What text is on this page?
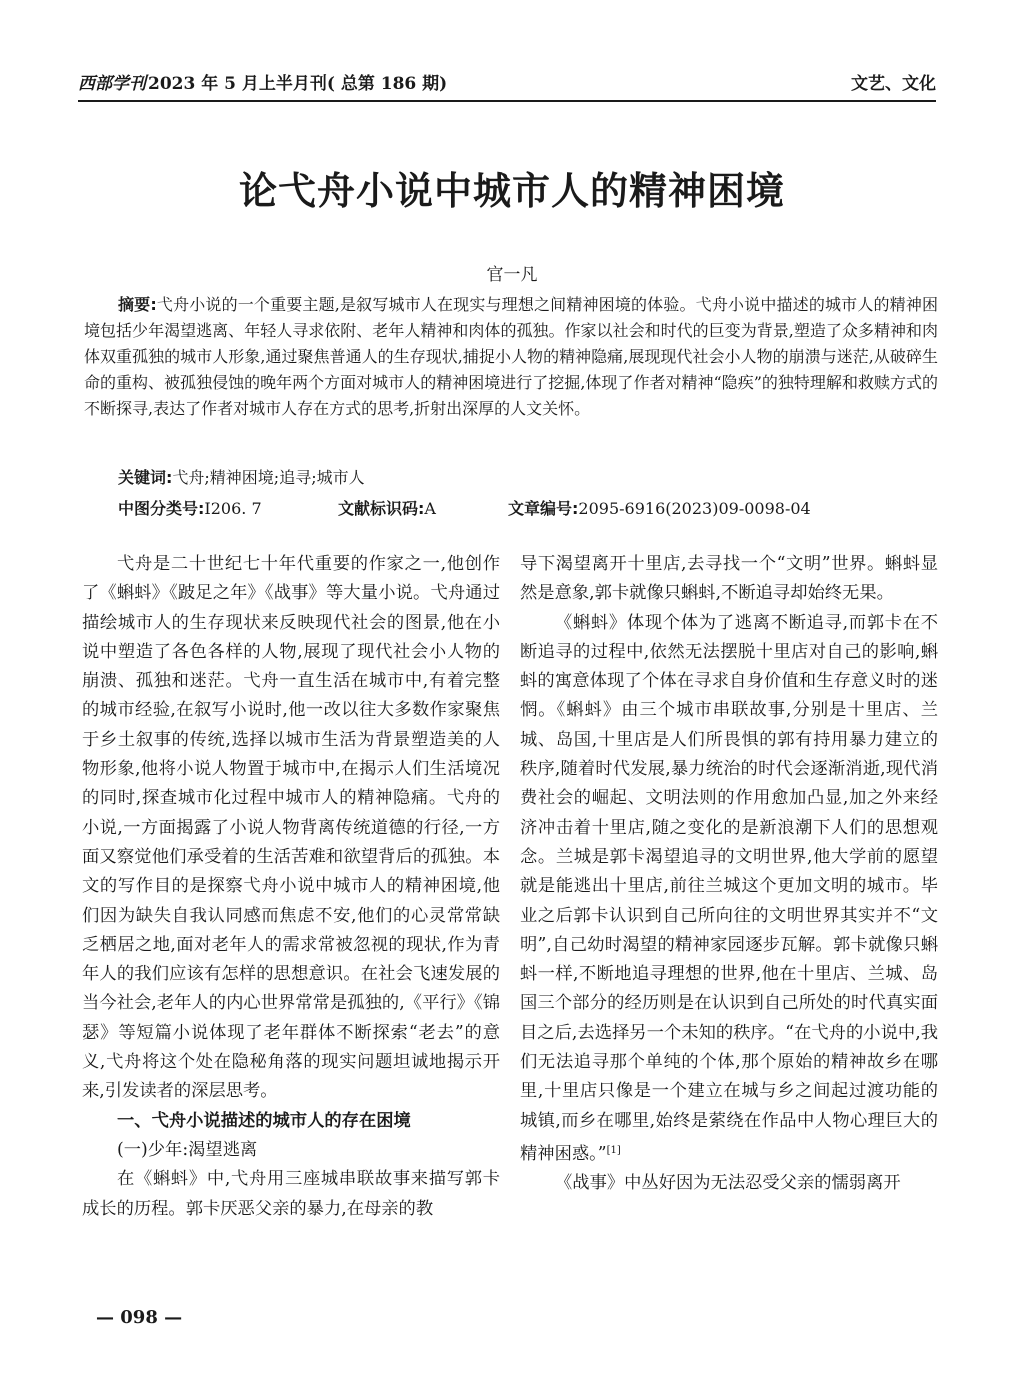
西部学刊 2023 年 5 月上半月刊( 总第 186 期)	文艺、文化
论弋舟小说中城市人的精神困境
官一凡
摘要:弋舟小说的一个重要主题,是叙写城市人在现实与理想之间精神困境的体验。弋舟小说中描述的城市人的精神困境包括少年渴望逃离、年轻人寻求依附、老年人精神和肉体的孤独。作家以社会和时代的巨变为背景,塑造了众多精神和肉体双重孤独的城市人形象,通过聚焦普通人的生存现状,捕捉小人物的精神隐痛,展现现代社会小人物的崩溃与迷茫,从破碎生命的重构、被孤独侵蚀的晚年两个方面对城市人的精神困境进行了挖掘,体现了作者对精神“隐疾”的独特理解和救赎方式的不断探寻,表达了作者对城市人存在方式的思考,折射出深厚的人文关怀。
关键词:弋舟;精神困境;追寻;城市人
中图分类号:I206. 7	文献标识码:A	文章编号:2095-6916(2023)09-0098-04

弋舟是二十世纪七十年代重要的作家之一,他创作了《蝌蚪》《跛足之年》《战事》等大量小说。弋舟通过描绘城市人的生存现状来反映现代社会的图景,他在小说中塑造了各色各样的人物,展现了现代社会小人物的崩溃、孤独和迷茫。弋舟一直生活在城市中,有着完整的城市经验,在叙写小说时,他一改以往大多数作家聚焦于乡土叙事的传统,选择以城市生活为背景塑造美的人物形象,他将小说人物置于城市中,在揭示人们生活境况的同时,探查城市化过程中城市人的精神隐痛。弋舟的小说,一方面揭露了小说人物背离传统道德的行径,一方面又察觉他们承受着的生活苦难和欲望背后的孤独。本文的写作目的是探察弋舟小说中城市人的精神困境,他们因为缺失自我认同感而焦虑不安,他们的心灵常常缺乏栖居之地,面对老年人的需求常被忽视的现状,作为青年人的我们应该有怎样的思想意识。在社会飞速发展的当今社会,老年人的内心世界常常是孤独的,《平行》《锦瑟》等短篇小说体现了老年群体不断探索“老去”的意义,弋舟将这个处在隐秘角落的现实问题坦诚地揭示开来,引发读者的深层思考。

一、弋舟小说描述的城市人的存在困境
(一)少年:渴望逃离

在《蝌蚪》中,弋舟用三座城串联故事来描写郭卡成长的历程。郭卡厌恶父亲的暴力,在母亲的教

导下渴望离开十里店,去寻找一个“文明”世界。蝌蚪显然是意象,郭卡就像只蝌蚪,不断追寻却始终无果。

《蝌蚪》体现个体为了逃离不断追寻,而郭卡在不断追寻的过程中,依然无法摆脱十里店对自己的影响,蝌蚪的寓意体现了个体在寻求自身价值和生存意义时的迷惘。《蝌蚪》由三个城市串联故事,分别是十里店、兰城、岛国,十里店是人们所畏惧的郭有持用暴力建立的秩序,随着时代发展,暴力统治的时代会逐渐消逝,现代消费社会的崛起、文明法则的作用愈加凸显,加之外来经济冲击着十里店,随之变化的是新浪潮下人们的思想观念。兰城是郭卡渴望追寻的文明世界,他大学前的愿望就是能逃出十里店,前往兰城这个更加文明的城市。毕业之后郭卡认识到自己所向往的文明世界其实并不“文明”,自己幼时渴望的精神家园逐步瓦解。郭卡就像只蝌蚪一样,不断地追寻理想的世界,他在十里店、兰城、岛国三个部分的经历则是在认识到自己所处的时代真实面目之后,去选择另一个未知的秩序。“在弋舟的小说中,我们无法追寻那个单纯的个体,那个原始的精神故乡在哪里,十里店只像是一个建立在城与乡之间起过渡功能的城镇,而乡在哪里,始终是萦绕在作品中人物心理巨大的精神困惑。”[1]

《战事》中丛好因为无法忍受父亲的懦弱离开

— 098 —
